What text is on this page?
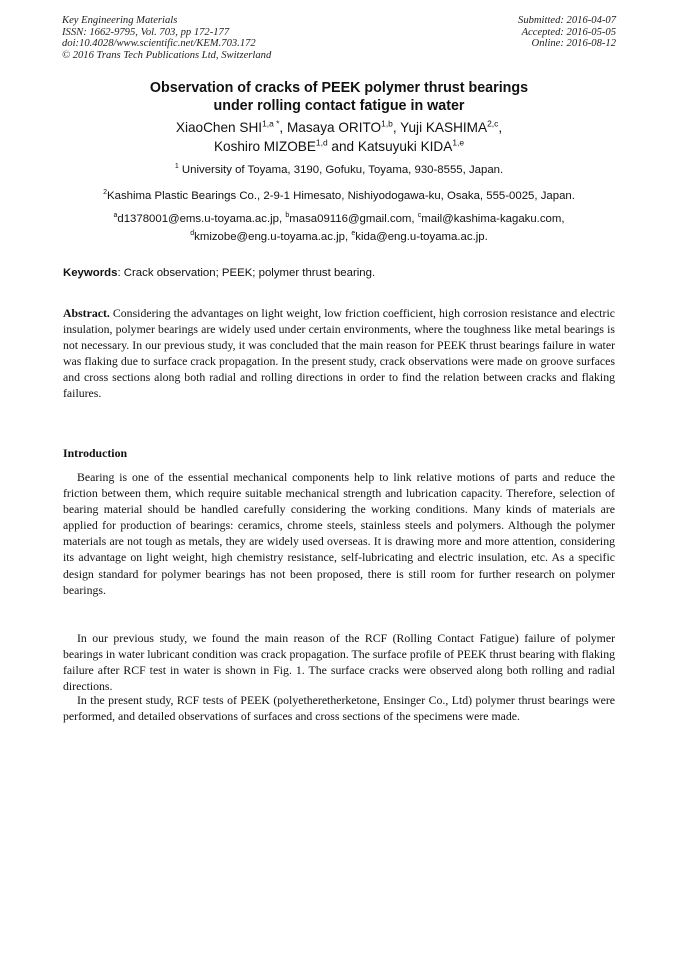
Key Engineering Materials
ISSN: 1662-9795, Vol. 703, pp 172-177
doi:10.4028/www.scientific.net/KEM.703.172
© 2016 Trans Tech Publications Ltd, Switzerland
Submitted: 2016-04-07
Accepted: 2016-05-05
Online: 2016-08-12
Observation of cracks of PEEK polymer thrust bearings
under rolling contact fatigue in water
XiaoChen $SHI^{1,a *}$, Masaya ORITO$^{1,b}$, Yuji KASHIMA$^{2,c}$,
Koshiro MIZOBE$^{1,d}$ and Katsuyuki KIDA$^{1,e}$
$^1$ University of Toyama, 3190, Gofuku, Toyama, 930-8555, Japan.
$^2$Kashima Plastic Bearings Co., 2-9-1 Himesato, Nishiyodogawa-ku, Osaka, 555-0025, Japan.
$^a$d1378001@ems.u-toyama.ac.jp, $^b$masa09116@gmail.com, $^c$mail@kashima-kagaku.com,
$^d$kmizobe@eng.u-toyama.ac.jp, $^e$kida@eng.u-toyama.ac.jp.
Keywords: Crack observation; PEEK; polymer thrust bearing.
Abstract. Considering the advantages on light weight, low friction coefficient, high corrosion resistance and electric insulation, polymer bearings are widely used under certain environments, where the toughness like metal bearings is not necessary. In our previous study, it was concluded that the main reason for PEEK thrust bearings failure in water was flaking due to surface crack propagation. In the present study, crack observations were made on groove surfaces and cross sections along both radial and rolling directions in order to find the relation between cracks and flaking failures.
Introduction
Bearing is one of the essential mechanical components help to link relative motions of parts and reduce the friction between them, which require suitable mechanical strength and lubrication capacity. Therefore, selection of bearing material should be handled carefully considering the working conditions. Many kinds of materials are applied for production of bearings: ceramics, chrome steels, stainless steels and polymers. Although the polymer materials are not tough as metals, they are widely used overseas. It is drawing more and more attention, considering its advantage on light weight, high chemistry resistance, self-lubricating and electric insulation, etc. As a specific design standard for polymer bearings has not been proposed, there is still room for further research on polymer bearings.
In our previous study, we found the main reason of the RCF (Rolling Contact Fatigue) failure of polymer bearings in water lubricant condition was crack propagation. The surface profile of PEEK thrust bearing with flaking failure after RCF test in water is shown in Fig. 1. The surface cracks were observed along both rolling and radial directions.
In the present study, RCF tests of PEEK (polyetheretherketone, Ensinger Co., Ltd) polymer thrust bearings were performed, and detailed observations of surfaces and cross sections of the specimens were made.
